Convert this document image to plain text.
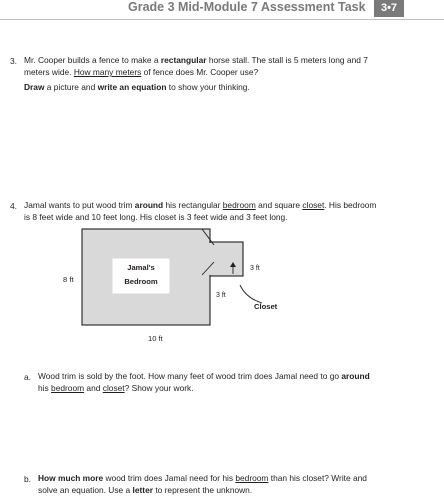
Grade 3 Mid-Module 7 Assessment Task	3•7
3. Mr. Cooper builds a fence to make a rectangular horse stall. The stall is 5 meters long and 7
meters wide. How many meters of fence does Mr. Cooper use?
Draw a picture and write an equation to show your thinking.
4. Jamal wants to put wood trim around his rectangular bedroom and square closet. His bedroom
is 8 feet wide and 10 feet long. His closet is 3 feet wide and 3 feet long.
Jamal's
Bedroom
8 ft
10 ft
3 ft
3 ft
Closet
a. Wood trim is sold by the foot. How many feet of wood trim does Jamal need to go around
his bedroom and closet? Show your work.
b. How much more wood trim does Jamal need for his bedroom than his closet? Write and
solve an equation. Use a letter to represent the unknown.
